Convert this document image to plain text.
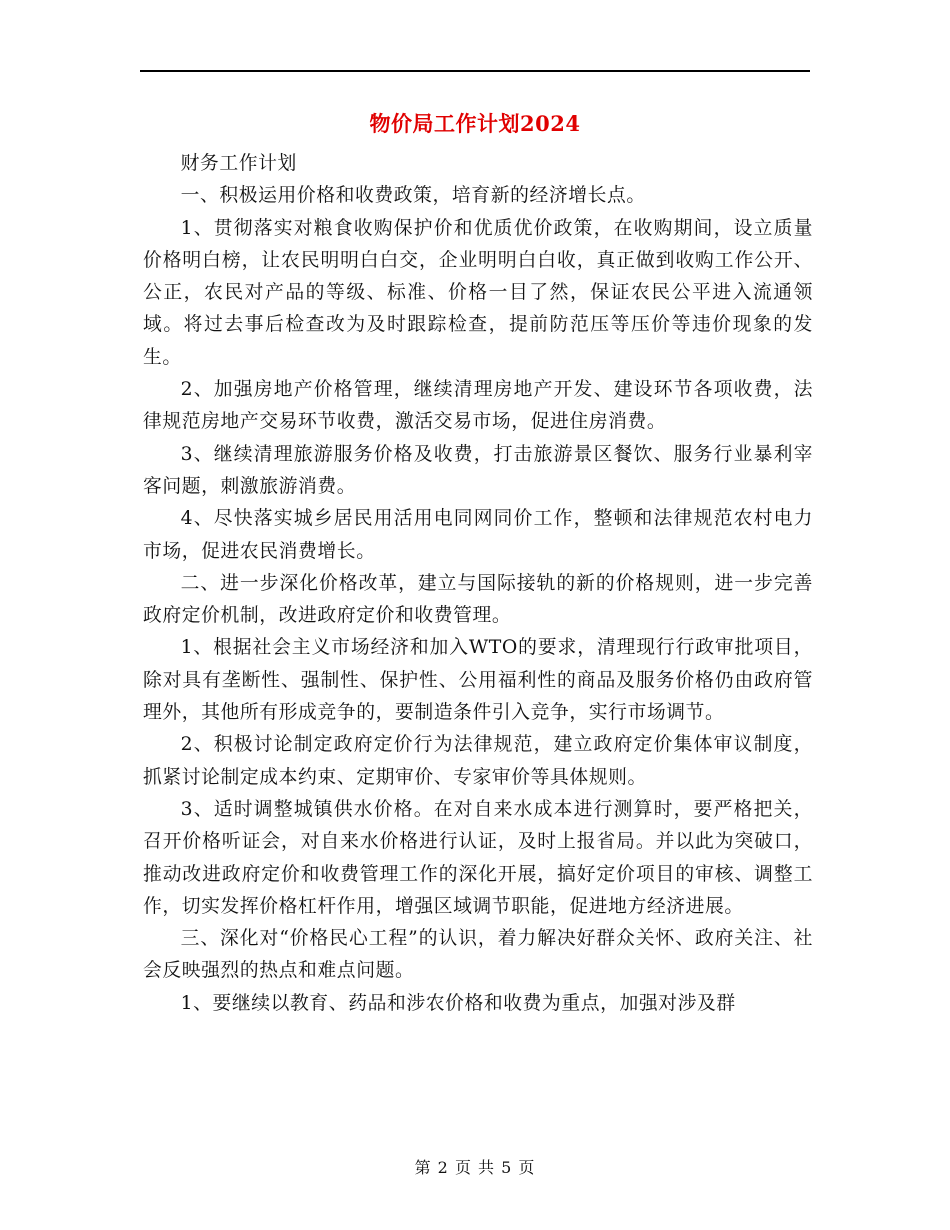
物价局工作计划2024

财务工作计划

一、积极运用价格和收费政策，培育新的经济增长点。

1、贯彻落实对粮食收购保护价和优质优价政策，在收购期间，设立质量价格明白榜，让农民明明白白交，企业明明白白收，真正做到收购工作公开、公正，农民对产品的等级、标准、价格一目了然，保证农民公平进入流通领域。将过去事后检查改为及时跟踪检查，提前防范压等压价等违价现象的发生。

2、加强房地产价格管理，继续清理房地产开发、建设环节各项收费，法律规范房地产交易环节收费，激活交易市场，促进住房消费。

3、继续清理旅游服务价格及收费，打击旅游景区餐饮、服务行业暴利宰客问题，刺激旅游消费。

4、尽快落实城乡居民用活用电同网同价工作，整顿和法律规范农村电力市场，促进农民消费增长。

二、进一步深化价格改革，建立与国际接轨的新的价格规则，进一步完善政府定价机制，改进政府定价和收费管理。

1、根据社会主义市场经济和加入WTO的要求，清理现行行政审批项目，除对具有垄断性、强制性、保护性、公用福利性的商品及服务价格仍由政府管理外，其他所有形成竞争的，要制造条件引入竞争，实行市场调节。

2、积极讨论制定政府定价行为法律规范，建立政府定价集体审议制度，抓紧讨论制定成本约束、定期审价、专家审价等具体规则。

3、适时调整城镇供水价格。在对自来水成本进行测算时，要严格把关，召开价格听证会，对自来水价格进行认证，及时上报省局。并以此为突破口，推动改进政府定价和收费管理工作的深化开展，搞好定价项目的审核、调整工作，切实发挥价格杠杆作用，增强区域调节职能，促进地方经济进展。

三、深化对“价格民心工程”的认识，着力解决好群众关怀、政府关注、社会反映强烈的热点和难点问题。

1、要继续以教育、药品和涉农价格和收费为重点，加强对涉及群

第 2 页 共 5 页
